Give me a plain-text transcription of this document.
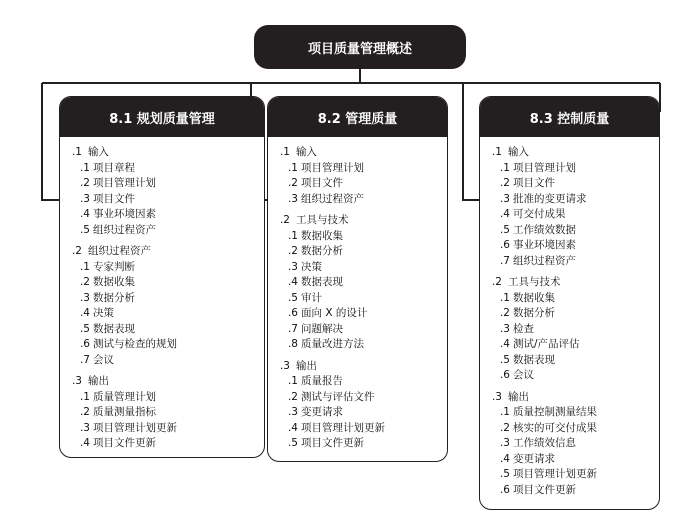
项目质量管理概述
8.1 规划质量管理
.1 输入
.1 项目章程
.2 项目管理计划
.3 项目文件
.4 事业环境因素
.5 组织过程资产
.2 组织过程资产
.1 专家判断
.2 数据收集
.3 数据分析
.4 决策
.5 数据表现
.6 测试与检查的规划
.7 会议
.3 输出
.1 质量管理计划
.2 质量测量指标
.3 项目管理计划更新
.4 项目文件更新
8.2 管理质量
.1 输入
.1 项目管理计划
.2 项目文件
.3 组织过程资产
.2 工具与技术
.1 数据收集
.2 数据分析
.3 决策
.4 数据表现
.5 审计
.6 面向 X 的设计
.7 问题解决
.8 质量改进方法
.3 输出
.1 质量报告
.2 测试与评估文件
.3 变更请求
.4 项目管理计划更新
.5 项目文件更新
8.3 控制质量
.1 输入
.1 项目管理计划
.2 项目文件
.3 批准的变更请求
.4 可交付成果
.5 工作绩效数据
.6 事业环境因素
.7 组织过程资产
.2 工具与技术
.1 数据收集
.2 数据分析
.3 检查
.4 测试/产品评估
.5 数据表现
.6 会议
.3 输出
.1 质量控制测量结果
.2 核实的可交付成果
.3 工作绩效信息
.4 变更请求
.5 项目管理计划更新
.6 项目文件更新
